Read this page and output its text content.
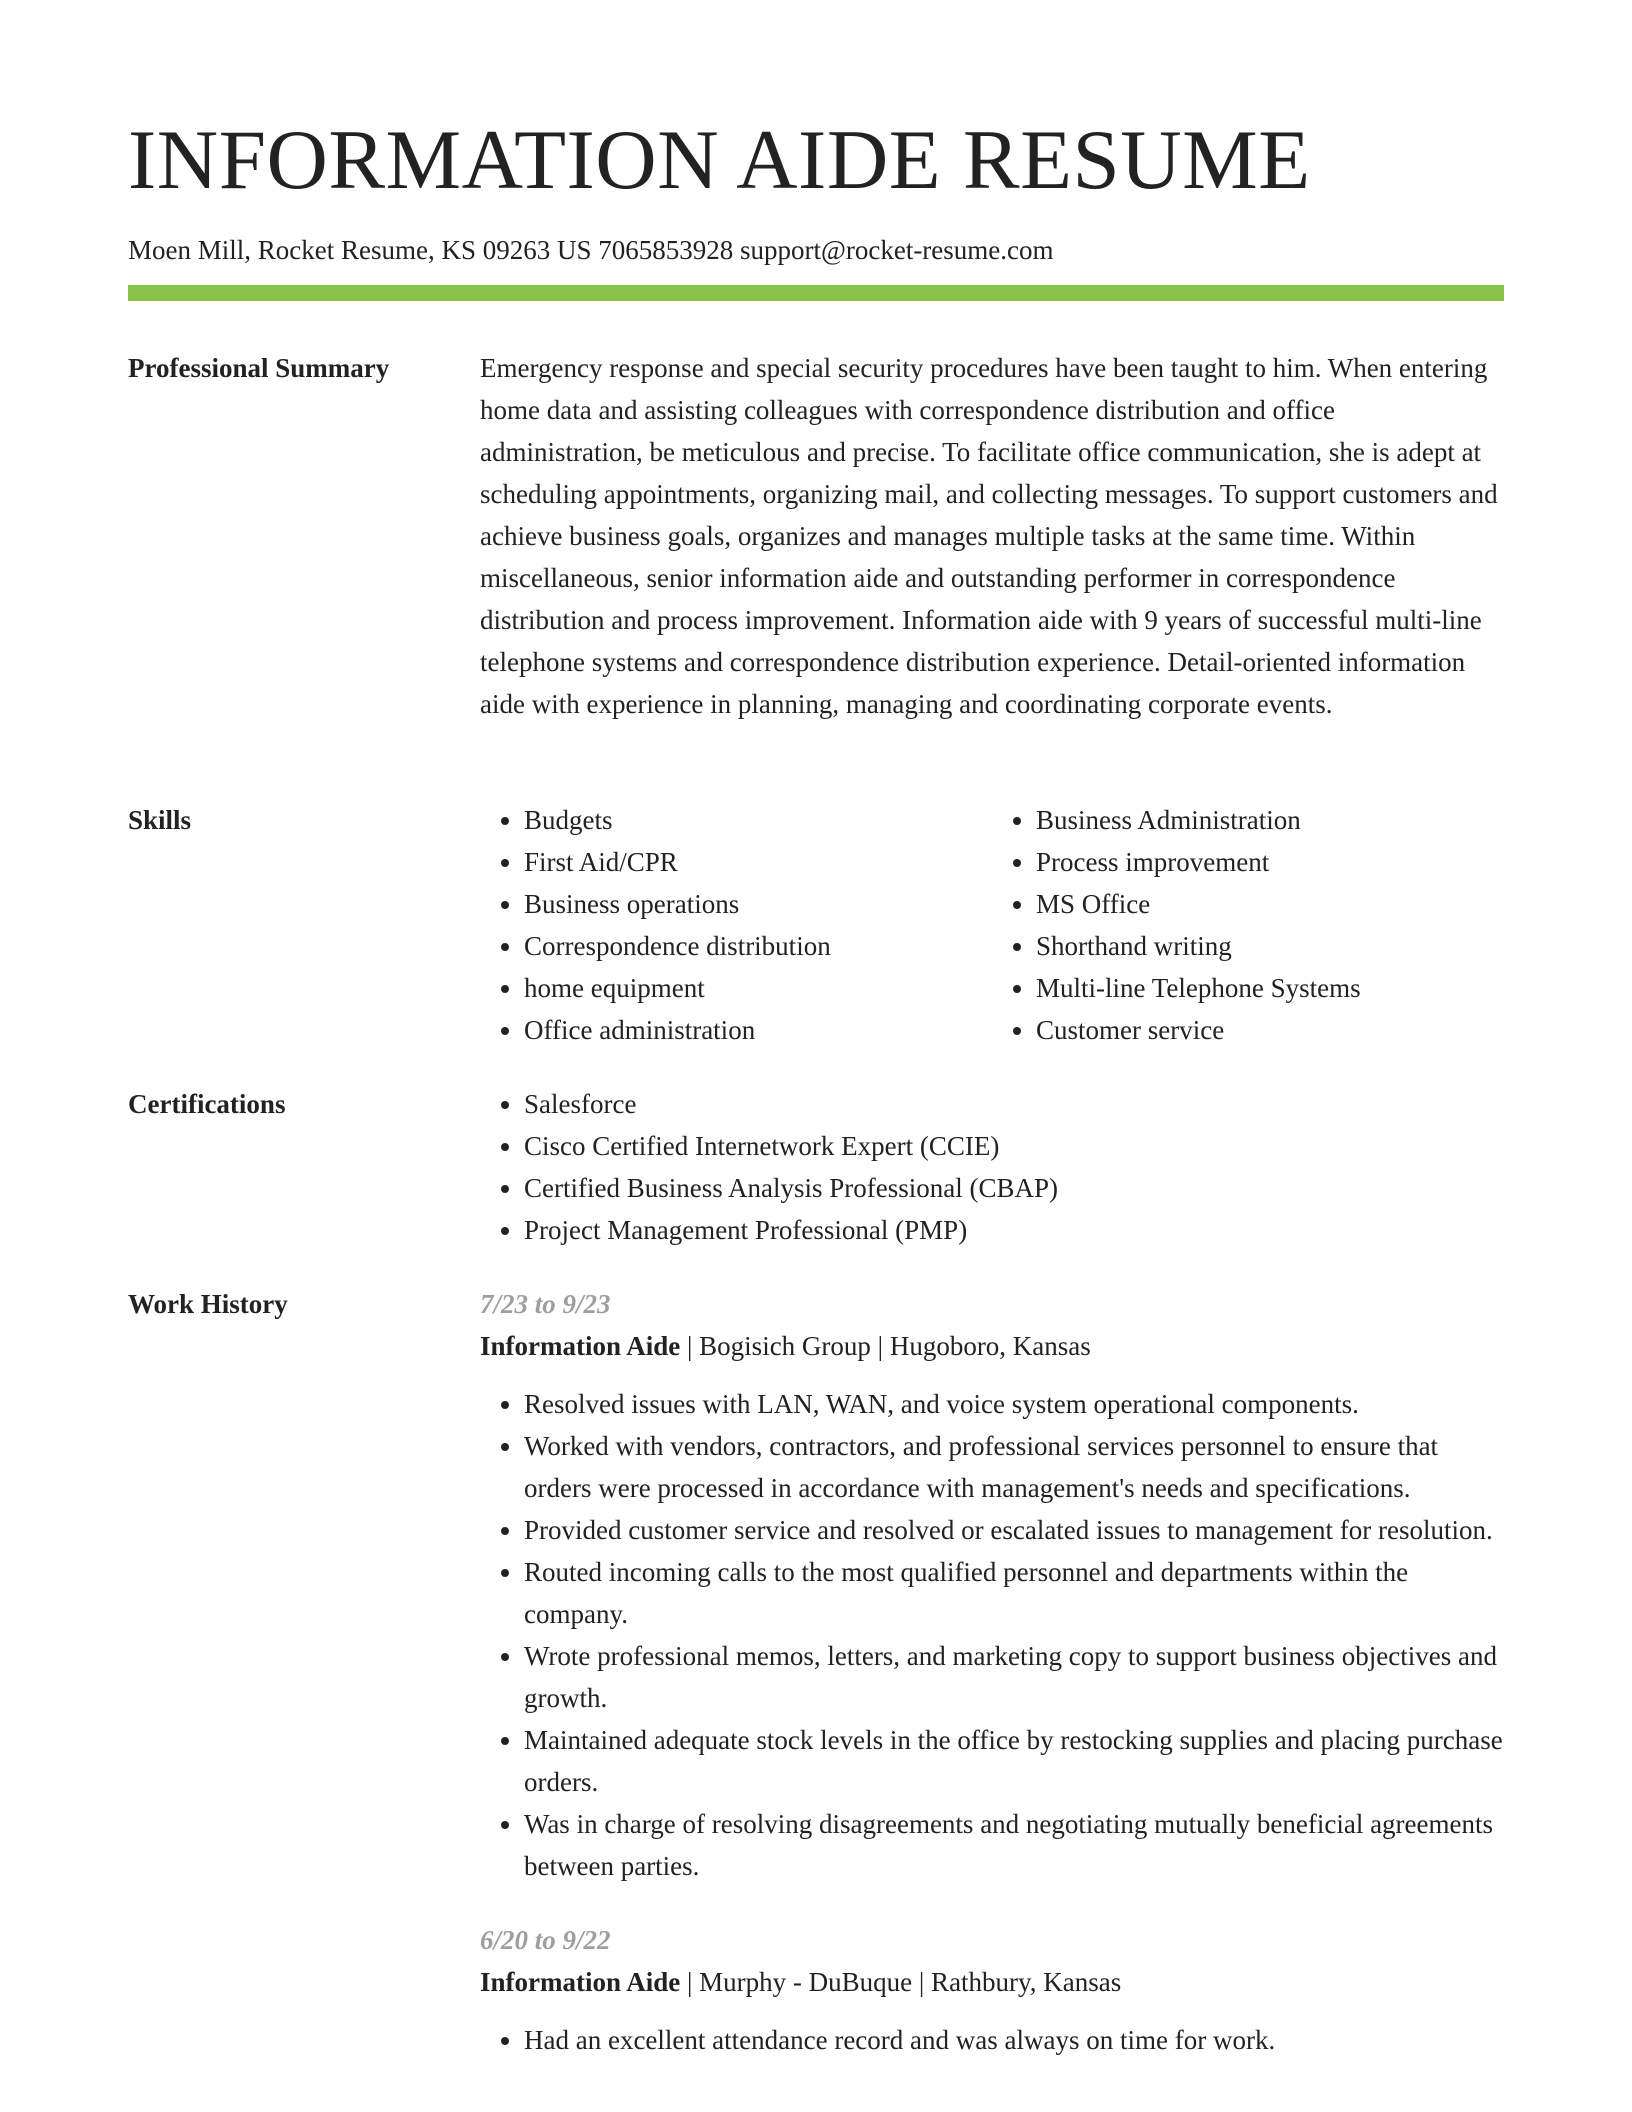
INFORMATION AIDE RESUME
Moen Mill, Rocket Resume, KS 09263 US 7065853928 support@rocket-resume.com
Professional Summary	Emergency response and special security procedures have been taught to him. When entering home data and assisting colleagues with correspondence distribution and office administration, be meticulous and precise. To facilitate office communication, she is adept at scheduling appointments, organizing mail, and collecting messages. To support customers and achieve business goals, organizes and manages multiple tasks at the same time. Within miscellaneous, senior information aide and outstanding performer in correspondence distribution and process improvement. Information aide with 9 years of successful multi-line telephone systems and correspondence distribution experience. Detail-oriented information aide with experience in planning, managing and coordinating corporate events.

Skills	• Budgets
• First Aid/CPR
• Business operations
• Correspondence distribution
• home equipment
• Office administration
• Business Administration
• Process improvement
• MS Office
• Shorthand writing
• Multi-line Telephone Systems
• Customer service
Certifications	• Salesforce
• Cisco Certified Internetwork Expert (CCIE)
• Certified Business Analysis Professional (CBAP)
• Project Management Professional (PMP)
Work History	7/23 to 9/23
Information Aide | Bogisich Group | Hugoboro, Kansas
• Resolved issues with LAN, WAN, and voice system operational components.
• Worked with vendors, contractors, and professional services personnel to ensure that orders were processed in accordance with management's needs and specifications.
• Provided customer service and resolved or escalated issues to management for resolution.
• Routed incoming calls to the most qualified personnel and departments within the company.
• Wrote professional memos, letters, and marketing copy to support business objectives and growth.
• Maintained adequate stock levels in the office by restocking supplies and placing purchase orders.
• Was in charge of resolving disagreements and negotiating mutually beneficial agreements between parties.
6/20 to 9/22
Information Aide | Murphy - DuBuque | Rathbury, Kansas
• Had an excellent attendance record and was always on time for work.
